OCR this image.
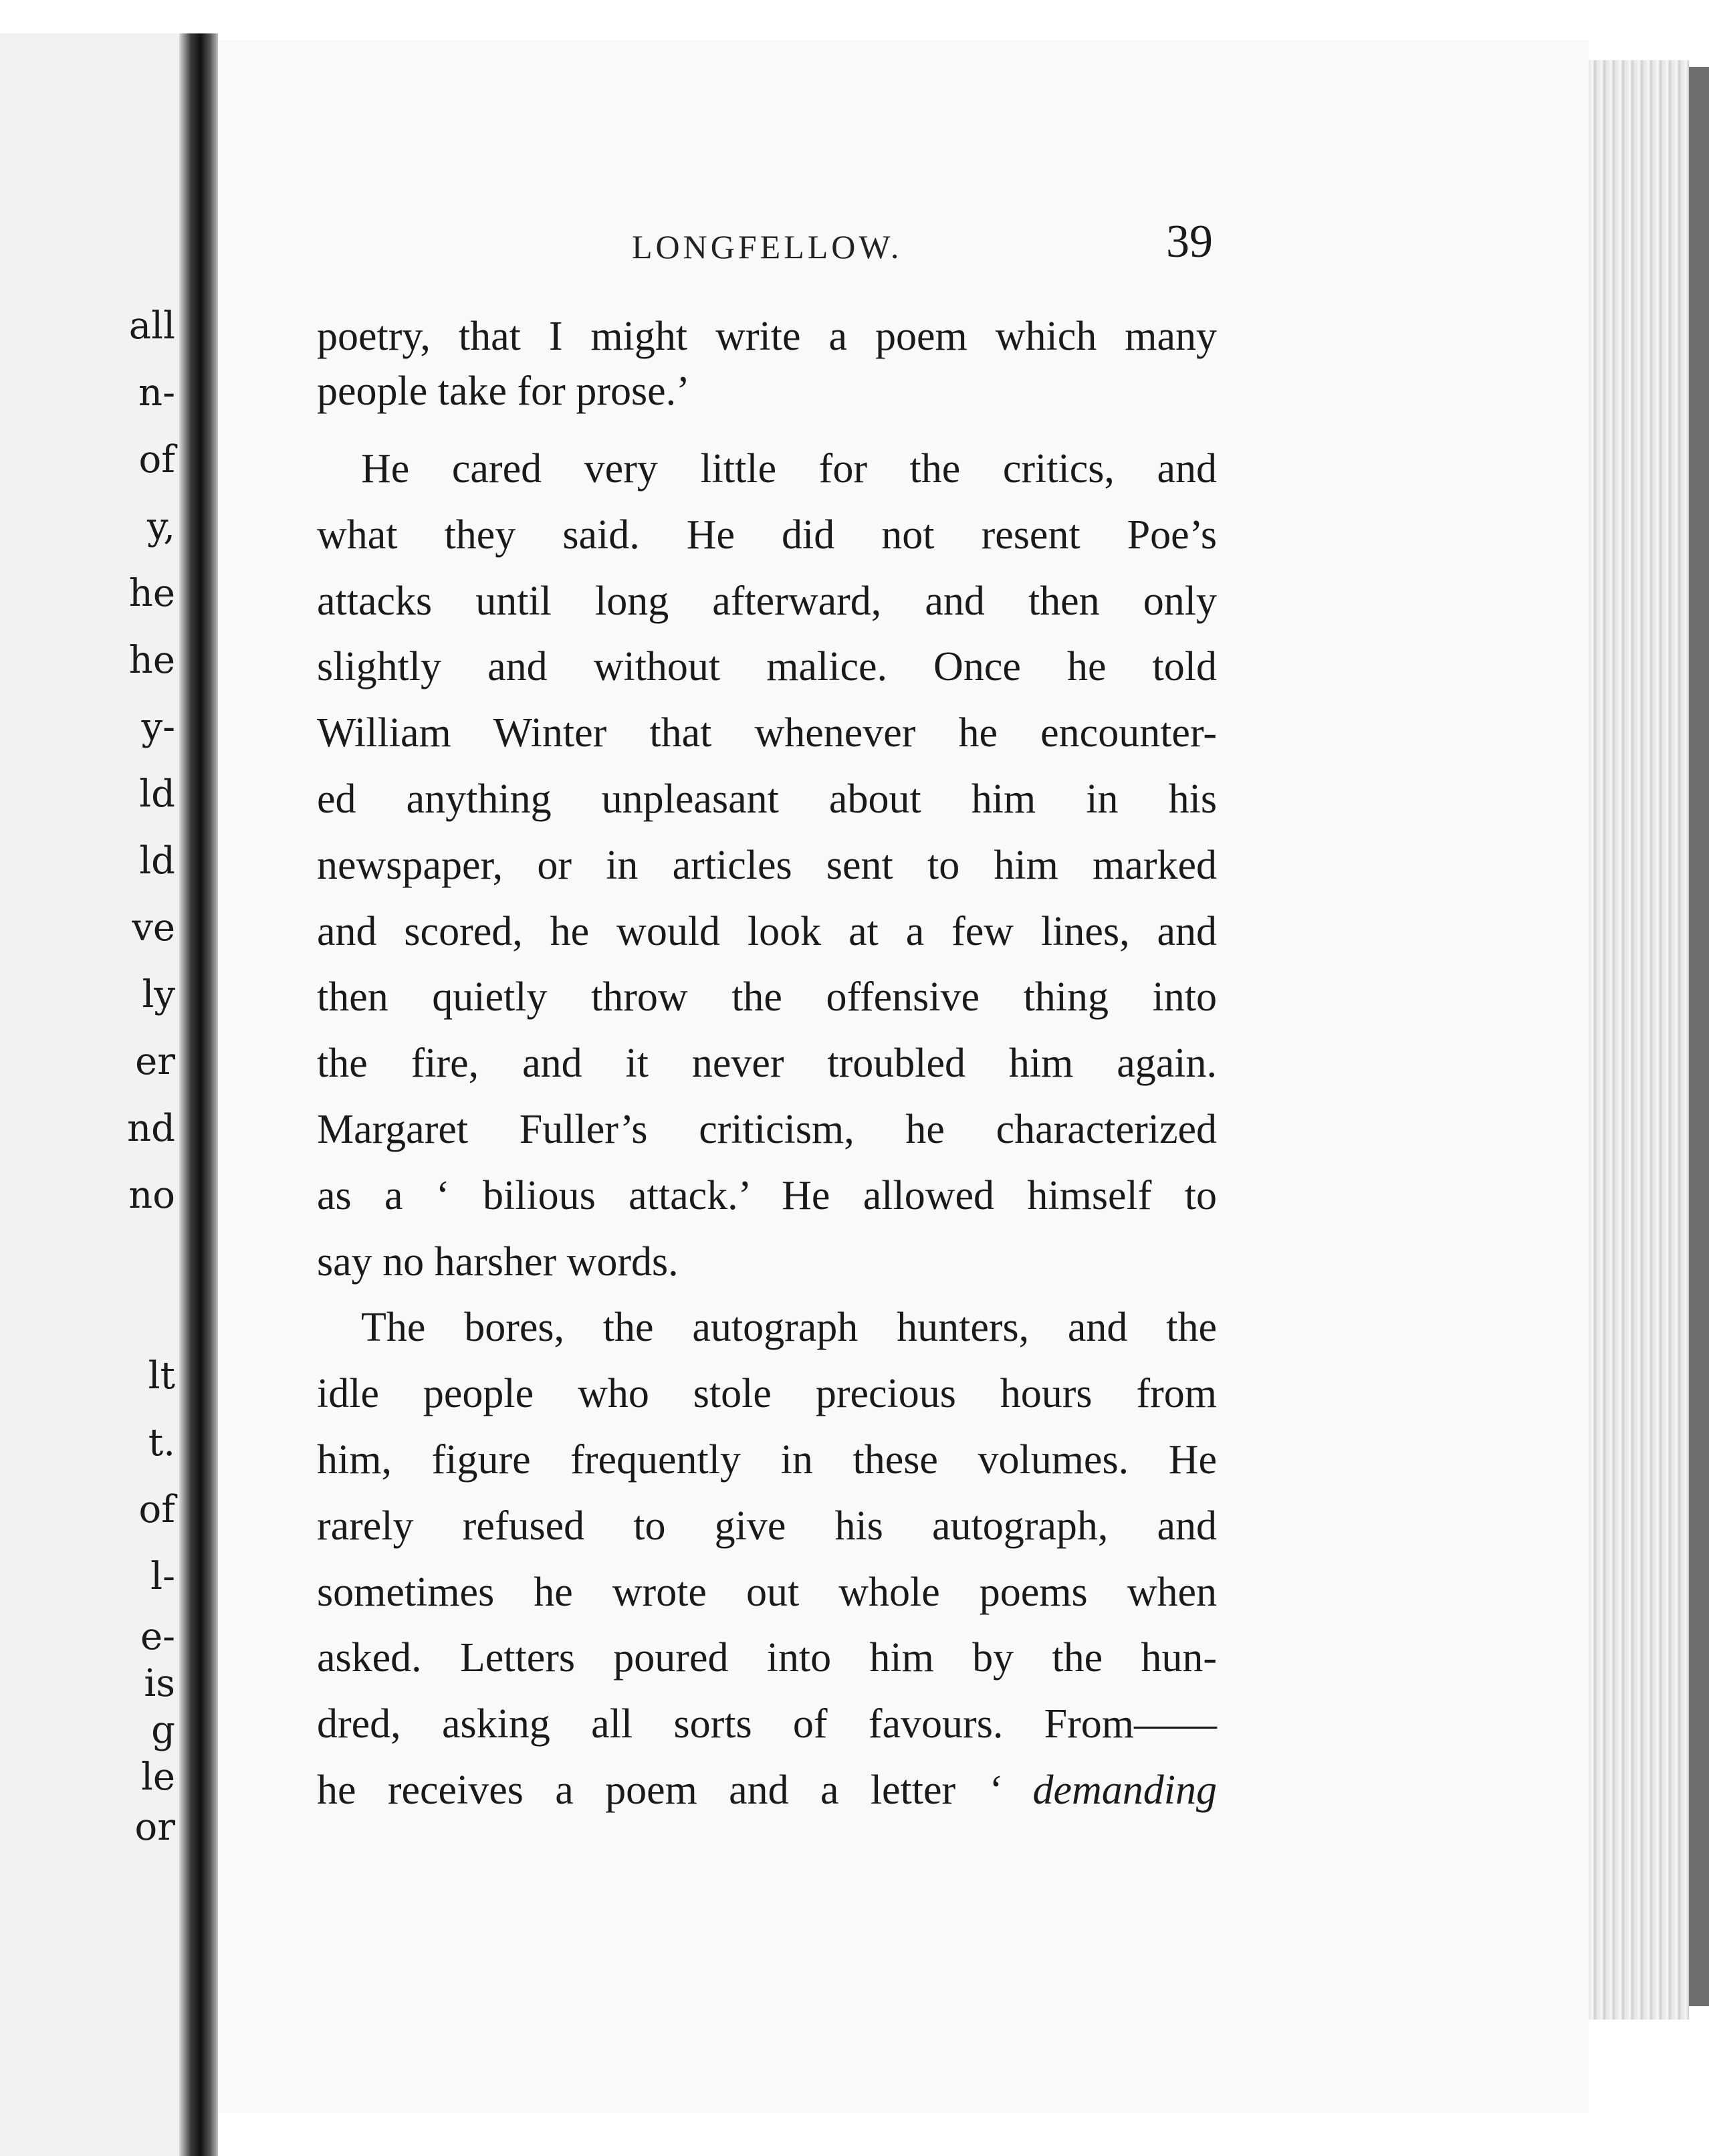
all
n-
of
y,
he
he
y-
ld
ld
ve
ly
er
nd
no
lt
t.
of
l-
e-
is
g
le
or
LONGFELLOW.	39
poetry, that I might write a poem which many
people take for prose.’
He cared very little for the critics, and
what they said. He did not resent Poe’s
attacks until long afterward, and then only
slightly and without malice. Once he told
William Winter that whenever he encounter-
ed anything unpleasant about him in his
newspaper, or in articles sent to him marked
and scored, he would look at a few lines, and
then quietly throw the offensive thing into
the fire, and it never troubled him again.
Margaret Fuller’s criticism, he characterized
as a ‘ bilious attack.’ He allowed himself to
say no harsher words.
The bores, the autograph hunters, and the
idle people who stole precious hours from
him, figure frequently in these volumes. He
rarely refused to give his autograph, and
sometimes he wrote out whole poems when
asked. Letters poured into him by the hun-
dred, asking all sorts of favours. From——
he receives a poem and a letter ‘ demanding
